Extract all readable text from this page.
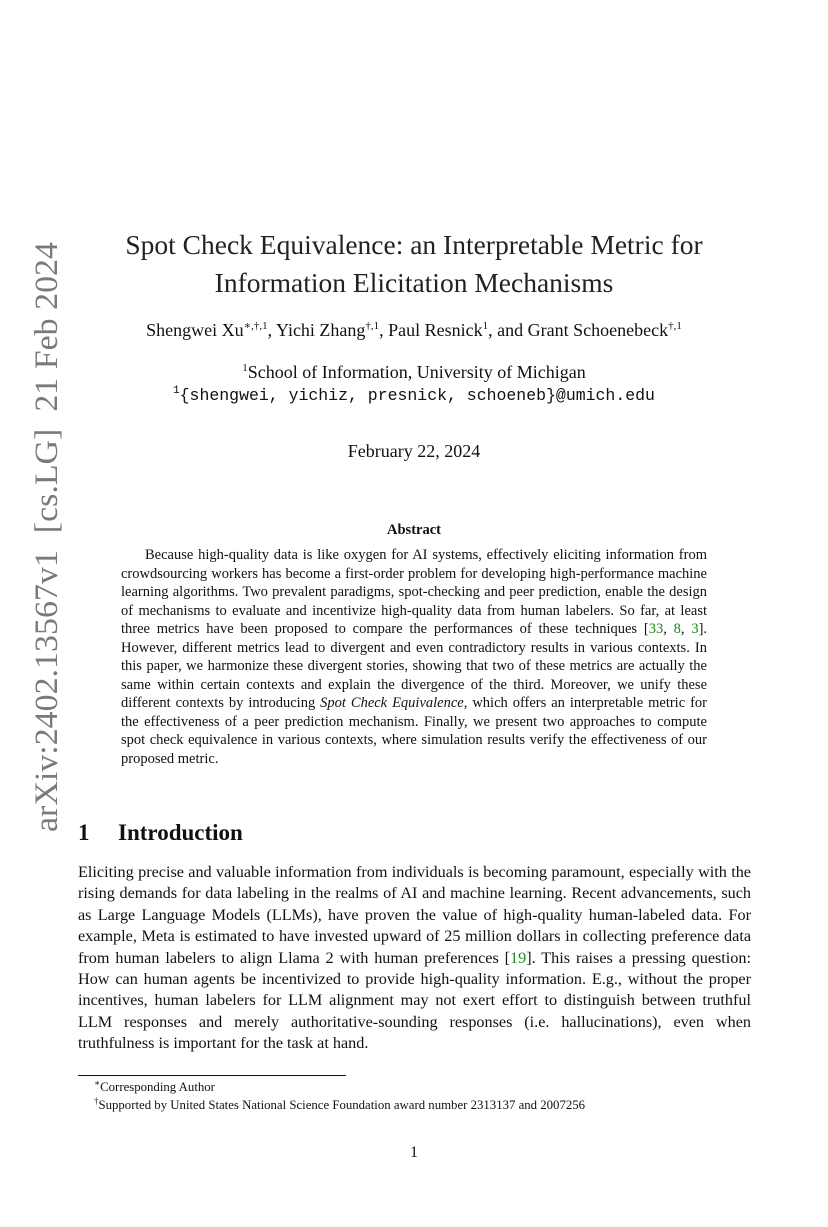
arXiv:2402.13567v1  [cs.LG]  21 Feb 2024
Spot Check Equivalence: an Interpretable Metric for
Information Elicitation Mechanisms
Shengwei $Xu^{∗,\dagger,1}$, Yichi Zhang$^{\dagger,1}$, Paul Resnick$^1$, and Grant Schoenebeck$^{\dagger,1}$
$^1$School of Information, University of Michigan
$^1${shengwei, yichiz, presnick, schoeneb}@umich.edu
February 22, 2024
Abstract

Because high-quality data is like oxygen for AI systems, effectively eliciting information from crowdsourcing workers has become a first-order problem for developing high-performance machine learning algorithms. Two prevalent paradigms, spot-checking and peer prediction, enable the design of mechanisms to evaluate and incentivize high-quality data from human labelers. So far, at least three metrics have been proposed to compare the performances of these techniques [33, 8, 3]. However, different metrics lead to divergent and even contradictory results in various contexts. In this paper, we harmonize these divergent stories, showing that two of these metrics are actually the same within certain contexts and explain the divergence of the third. Moreover, we unify these different contexts by introducing Spot Check Equivalence, which offers an interpretable metric for the effectiveness of a peer prediction mechanism. Finally, we present two approaches to compute spot check equivalence in various contexts, where simulation results verify the effectiveness of our proposed metric.

1 Introduction

Eliciting precise and valuable information from individuals is becoming paramount, especially with the rising demands for data labeling in the realms of AI and machine learning. Recent advancements, such as Large Language Models (LLMs), have proven the value of high-quality human-labeled data. For example, Meta is estimated to have invested upward of 25 million dollars in collecting preference data from human labelers to align Llama 2 with human preferences [19]. This raises a pressing question: How can human agents be incentivized to provide high-quality information. E.g., without the proper incentives, human labelers for LLM alignment may not exert effort to distinguish between truthful LLM responses and merely authoritative-sounding responses (i.e. hallucinations), even when truthfulness is important for the task at hand.

∗Corresponding Author
†Supported by United States National Science Foundation award number 2313137 and 2007256
1
